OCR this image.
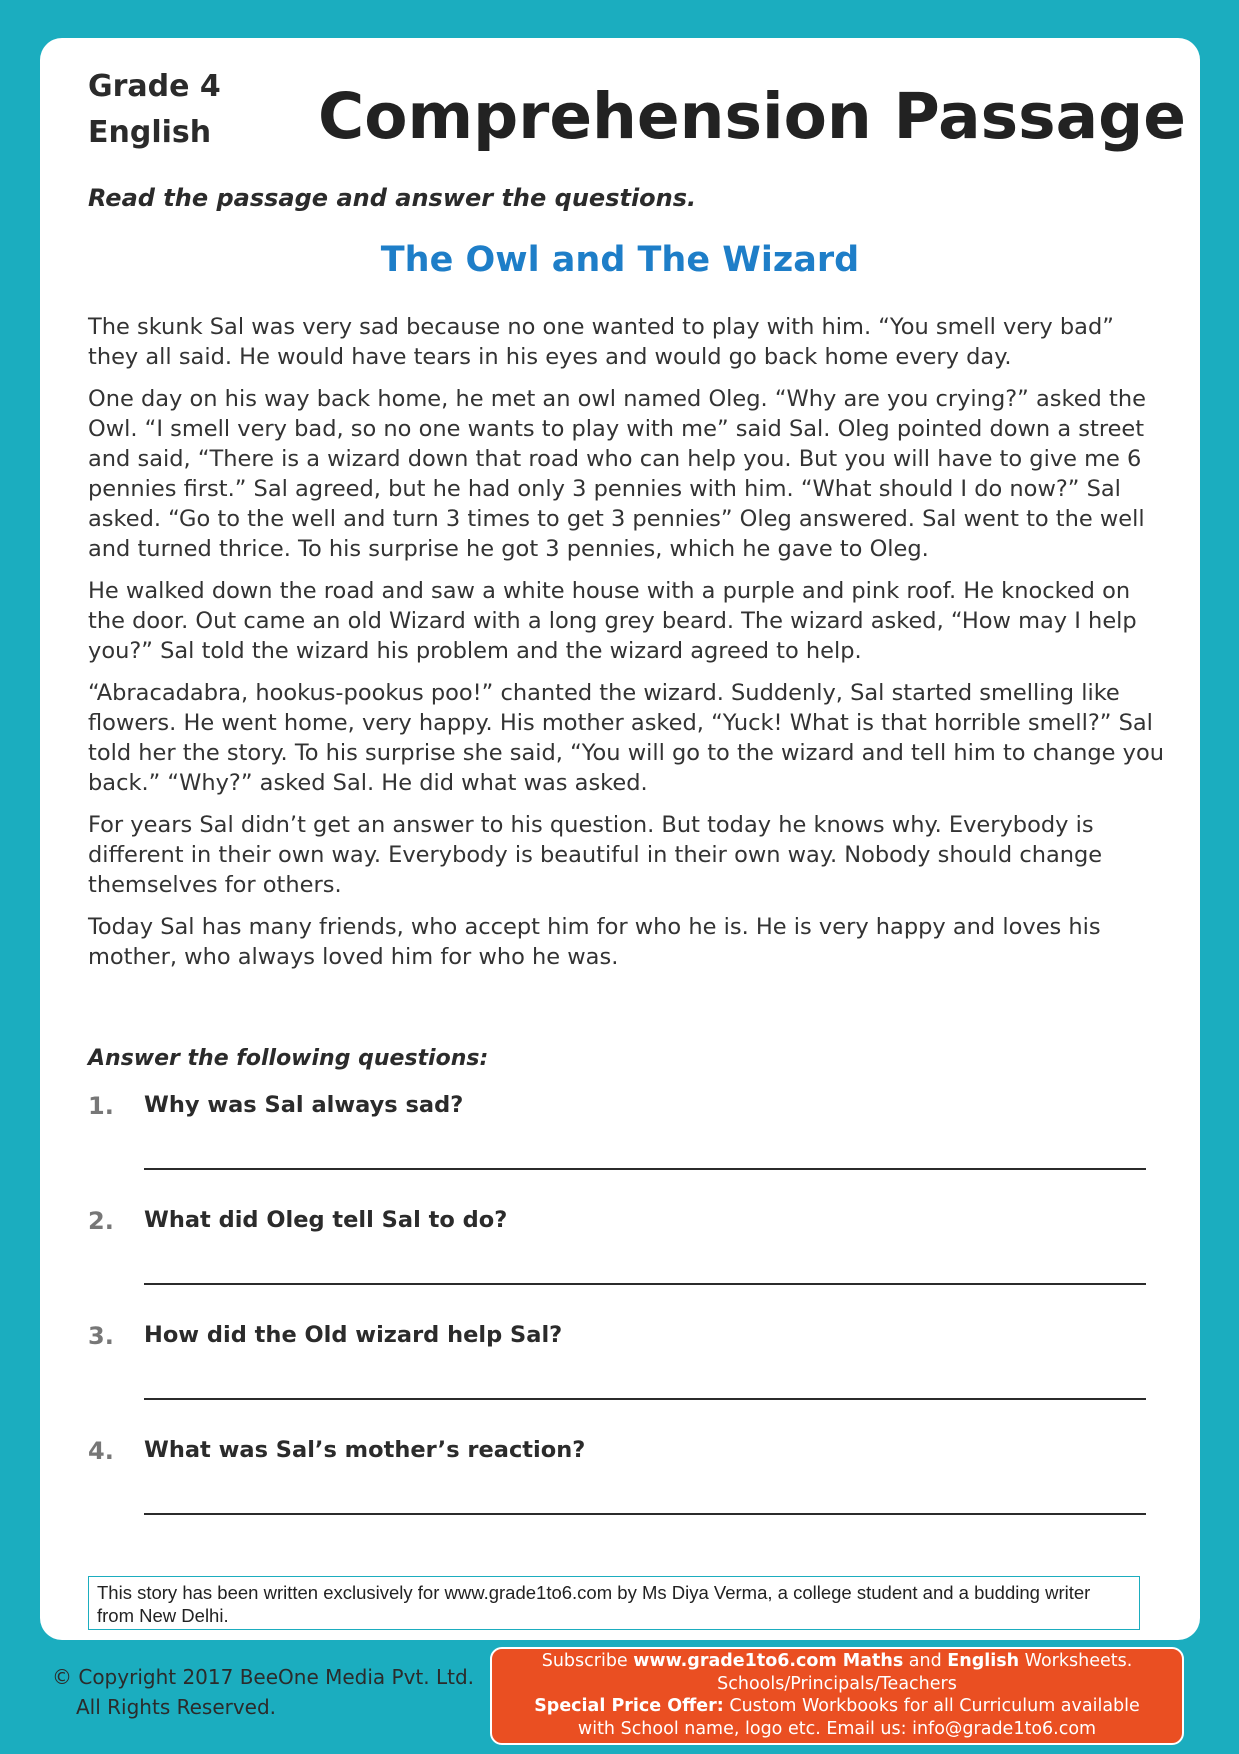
Grade 4
English Comprehension Passage
Read the passage and answer the questions.
The Owl and The Wizard

The skunk Sal was very sad because no one wanted to play with him. “You smell very bad” they all said. He would have tears in his eyes and would go back home every day.

One day on his way back home, he met an owl named Oleg. “Why are you crying?” asked the Owl. “I smell very bad, so no one wants to play with me” said Sal. Oleg pointed down a street and said, “There is a wizard down that road who can help you. But you will have to give me 6 pennies first.” Sal agreed, but he had only 3 pennies with him. “What should I do now?” Sal asked. “Go to the well and turn 3 times to get 3 pennies” Oleg answered. Sal went to the well and turned thrice. To his surprise he got 3 pennies, which he gave to Oleg.

He walked down the road and saw a white house with a purple and pink roof. He knocked on the door. Out came an old Wizard with a long grey beard. The wizard asked, “How may I help you?” Sal told the wizard his problem and the wizard agreed to help.

“Abracadabra, hookus-pookus poo!” chanted the wizard. Suddenly, Sal started smelling like flowers. He went home, very happy. His mother asked, “Yuck! What is that horrible smell?” Sal told her the story. To his surprise she said, “You will go to the wizard and tell him to change you back.” “Why?” asked Sal. He did what was asked.

For years Sal didn’t get an answer to his question. But today he knows why. Everybody is different in their own way. Everybody is beautiful in their own way. Nobody should change themselves for others.

Today Sal has many friends, who accept him for who he is. He is very happy and loves his mother, who always loved him for who he was.

Answer the following questions:
1. Why was Sal always sad?
2. What did Oleg tell Sal to do?
3. How did the Old wizard help Sal?
4. What was Sal’s mother’s reaction?
This story has been written exclusively for www.grade1to6.com by Ms Diya Verma, a college student and a budding writer from New Delhi.
© Copyright 2017 BeeOne Media Pvt. Ltd.
All Rights Reserved.
Subscribe www.grade1to6.com Maths and English Worksheets.
Schools/Principals/Teachers
Special Price Offer: Custom Workbooks for all Curriculum available
with School name, logo etc. Email us: info@grade1to6.com
